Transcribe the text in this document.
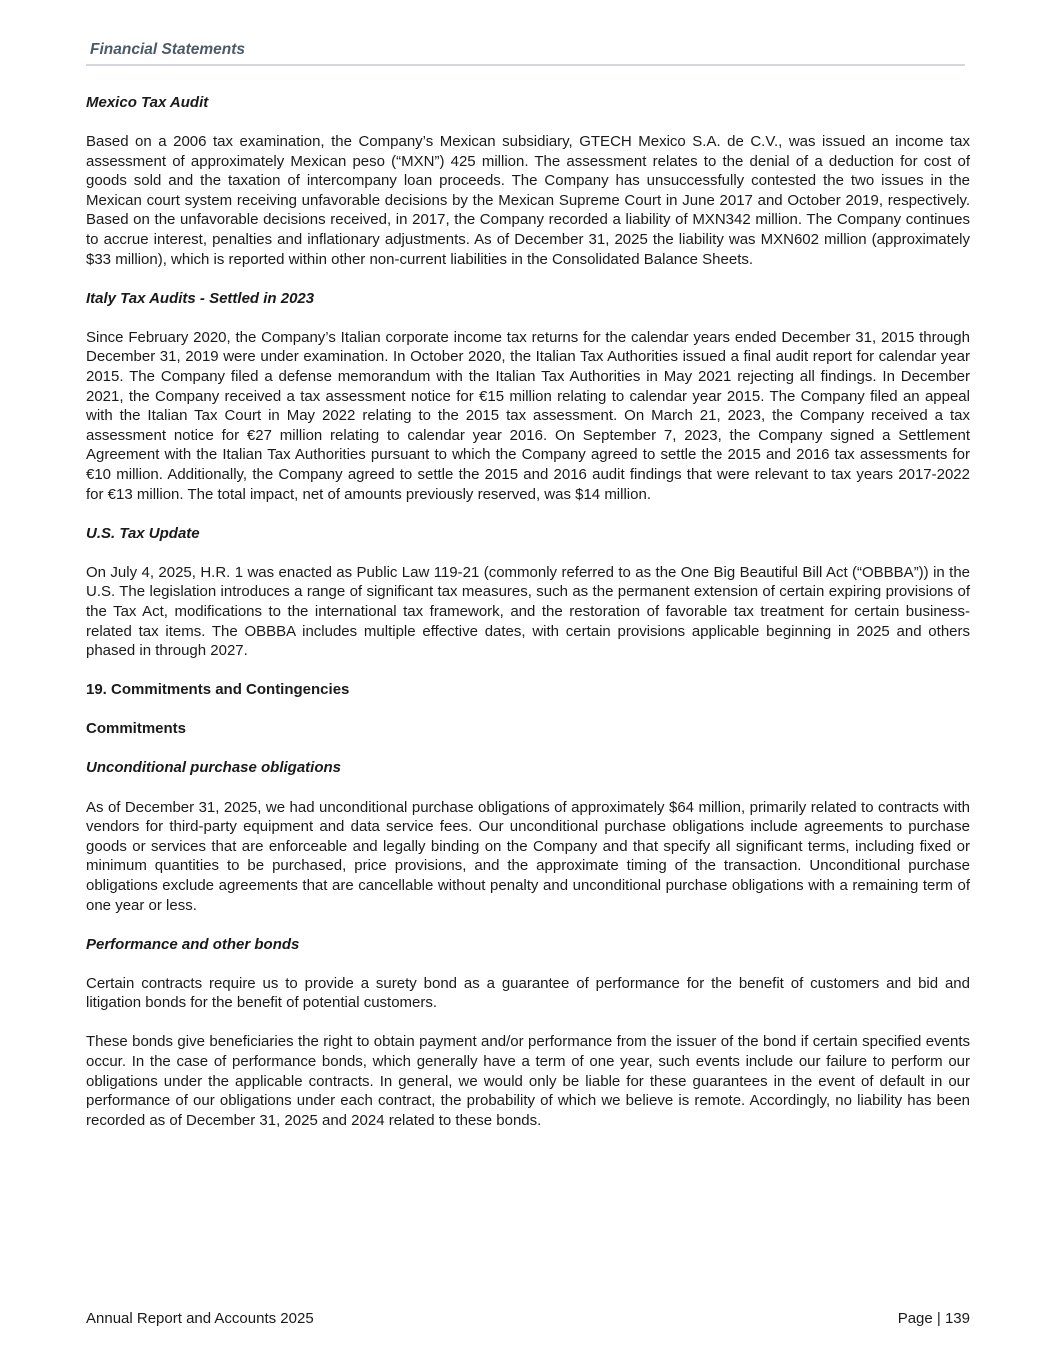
Financial Statements
Mexico Tax Audit

Based on a 2006 tax examination, the Company’s Mexican subsidiary, GTECH Mexico S.A. de C.V., was issued an income tax assessment of approximately Mexican peso (“MXN”) 425 million. The assessment relates to the denial of a deduction for cost of goods sold and the taxation of intercompany loan proceeds. The Company has unsuccessfully contested the two issues in the Mexican court system receiving unfavorable decisions by the Mexican Supreme Court in June 2017 and October 2019, respectively. Based on the unfavorable decisions received, in 2017, the Company recorded a liability of MXN342 million. The Company continues to accrue interest, penalties and inflationary adjustments. As of December 31, 2025 the liability was MXN602 million (approximately $33 million), which is reported within other non-current liabilities in the Consolidated Balance Sheets.

Italy Tax Audits - Settled in 2023

Since February 2020, the Company’s Italian corporate income tax returns for the calendar years ended December 31, 2015 through December 31, 2019 were under examination. In October 2020, the Italian Tax Authorities issued a final audit report for calendar year 2015. The Company filed a defense memorandum with the Italian Tax Authorities in May 2021 rejecting all findings. In December 2021, the Company received a tax assessment notice for €15 million relating to calendar year 2015. The Company filed an appeal with the Italian Tax Court in May 2022 relating to the 2015 tax assessment. On March 21, 2023, the Company received a tax assessment notice for €27 million relating to calendar year 2016. On September 7, 2023, the Company signed a Settlement Agreement with the Italian Tax Authorities pursuant to which the Company agreed to settle the 2015 and 2016 tax assessments for €10 million. Additionally, the Company agreed to settle the 2015 and 2016 audit findings that were relevant to tax years 2017-2022 for €13 million. The total impact, net of amounts previously reserved, was $14 million.

U.S. Tax Update

On July 4, 2025, H.R. 1 was enacted as Public Law 119-21 (commonly referred to as the One Big Beautiful Bill Act (“OBBBA”)) in the U.S. The legislation introduces a range of significant tax measures, such as the permanent extension of certain expiring provisions of the Tax Act, modifications to the international tax framework, and the restoration of favorable tax treatment for certain business-related tax items. The OBBBA includes multiple effective dates, with certain provisions applicable beginning in 2025 and others phased in through 2027.

19. Commitments and Contingencies
Commitments
Unconditional purchase obligations

As of December 31, 2025, we had unconditional purchase obligations of approximately $64 million, primarily related to contracts with vendors for third-party equipment and data service fees. Our unconditional purchase obligations include agreements to purchase goods or services that are enforceable and legally binding on the Company and that specify all significant terms, including fixed or minimum quantities to be purchased, price provisions, and the approximate timing of the transaction. Unconditional purchase obligations exclude agreements that are cancellable without penalty and unconditional purchase obligations with a remaining term of one year or less.

Performance and other bonds

Certain contracts require us to provide a surety bond as a guarantee of performance for the benefit of customers and bid and litigation bonds for the benefit of potential customers.

These bonds give beneficiaries the right to obtain payment and/or performance from the issuer of the bond if certain specified events occur. In the case of performance bonds, which generally have a term of one year, such events include our failure to perform our obligations under the applicable contracts. In general, we would only be liable for these guarantees in the event of default in our performance of our obligations under each contract, the probability of which we believe is remote. Accordingly, no liability has been recorded as of December 31, 2025 and 2024 related to these bonds.

Annual Report and Accounts 2025	Page | 139
